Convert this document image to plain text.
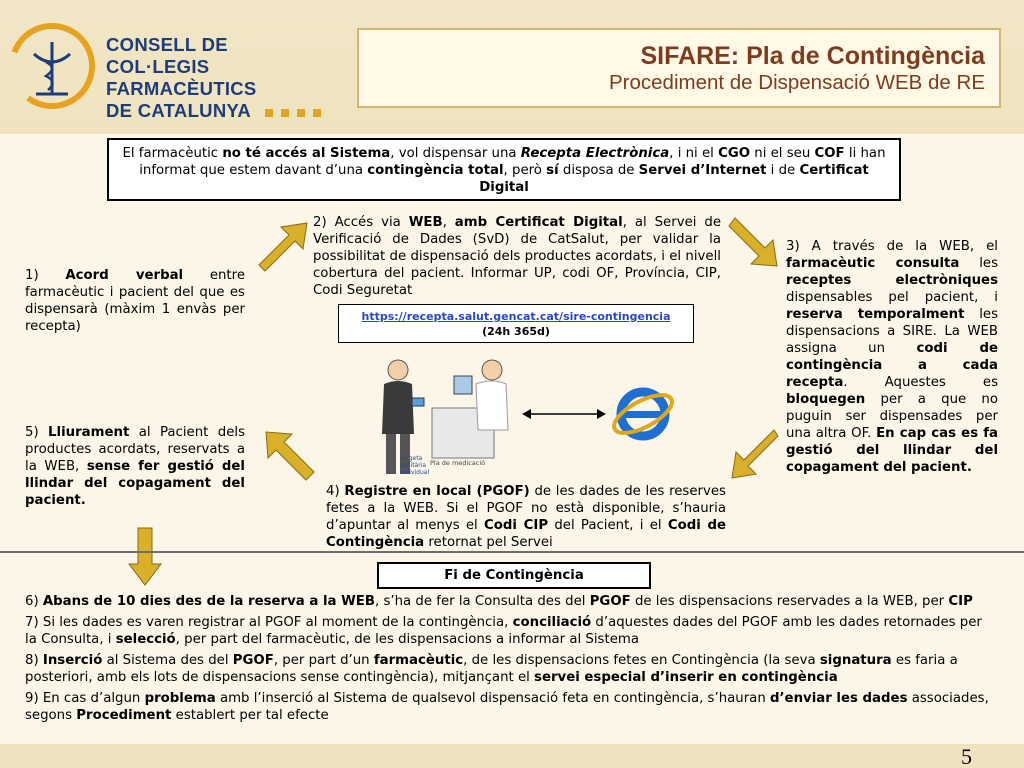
CONSELL DE
COL·LEGIS FARMACÈUTICS
DE CATALUNYA
SIFARE: Pla de Contingència
Procediment de Dispensació WEB de RE
El farmacèutic no té accés al Sistema, vol dispensar una Recepta Electrònica, i ni el CGO ni el seu COF li han informat que estem davant d’una contingència total, però sí disposa de Servei d’Internet i de Certificat Digital
1) Acord verbal entre farmacèutic i pacient del que es dispensarà (màxim 1 envàs per recepta)
2) Accés via WEB, amb Certificat Digital, al Servei de Verificació de Dades (SvD) de CatSalut, per validar la possibilitat de dispensació dels productes acordats, i el nivell cobertura del pacient. Informar UP, codi OF, Província, CIP, Codi Seguretat
https://recepta.salut.gencat.cat/sire-contingencia
(24h 365d)
3) A través de la WEB, el farmacèutic consulta les receptes electròniques dispensables pel pacient, i reserva temporalment les dispensacions a SIRE. La WEB assigna un codi de contingència a cada recepta. Aquestes es bloquegen per a que no puguin ser dispensades per una altra OF. En cap cas es fa gestió del llindar del copagament del pacient.
4) Registre en local (PGOF) de les dades de les reserves fetes a la WEB. Si el PGOF no està disponible, s’hauria d’apuntar al menys el Codi CIP del Pacient, i el Codi de Contingència retornat pel Servei
5) Lliurament al Pacient dels productes acordats, reservats a la WEB, sense fer gestió del llindar del copagament del pacient.
Targeta sanitària individual
Pla de medicació
Fi de Contingència

6) Abans de 10 dies des de la reserva a la WEB, s’ha de fer la Consulta des del PGOF de les dispensacions reservades a la WEB, per CIP

7) Si les dades es varen registrar al PGOF al moment de la contingència, conciliació d’aquestes dades del PGOF amb les dades retornades per la Consulta, i selecció, per part del farmacèutic, de les dispensacions a informar al Sistema

8) Inserció al Sistema des del PGOF, per part d’un farmacèutic, de les dispensacions fetes en Contingència (la seva signatura es faria a posteriori, amb els lots de dispensacions sense contingència), mitjançant el servei especial d’inserir en contingència

9) En cas d’algun problema amb l’inserció al Sistema de qualsevol dispensació feta en contingència, s’hauran d’enviar les dades associades, segons Procediment establert per tal efecte

5
